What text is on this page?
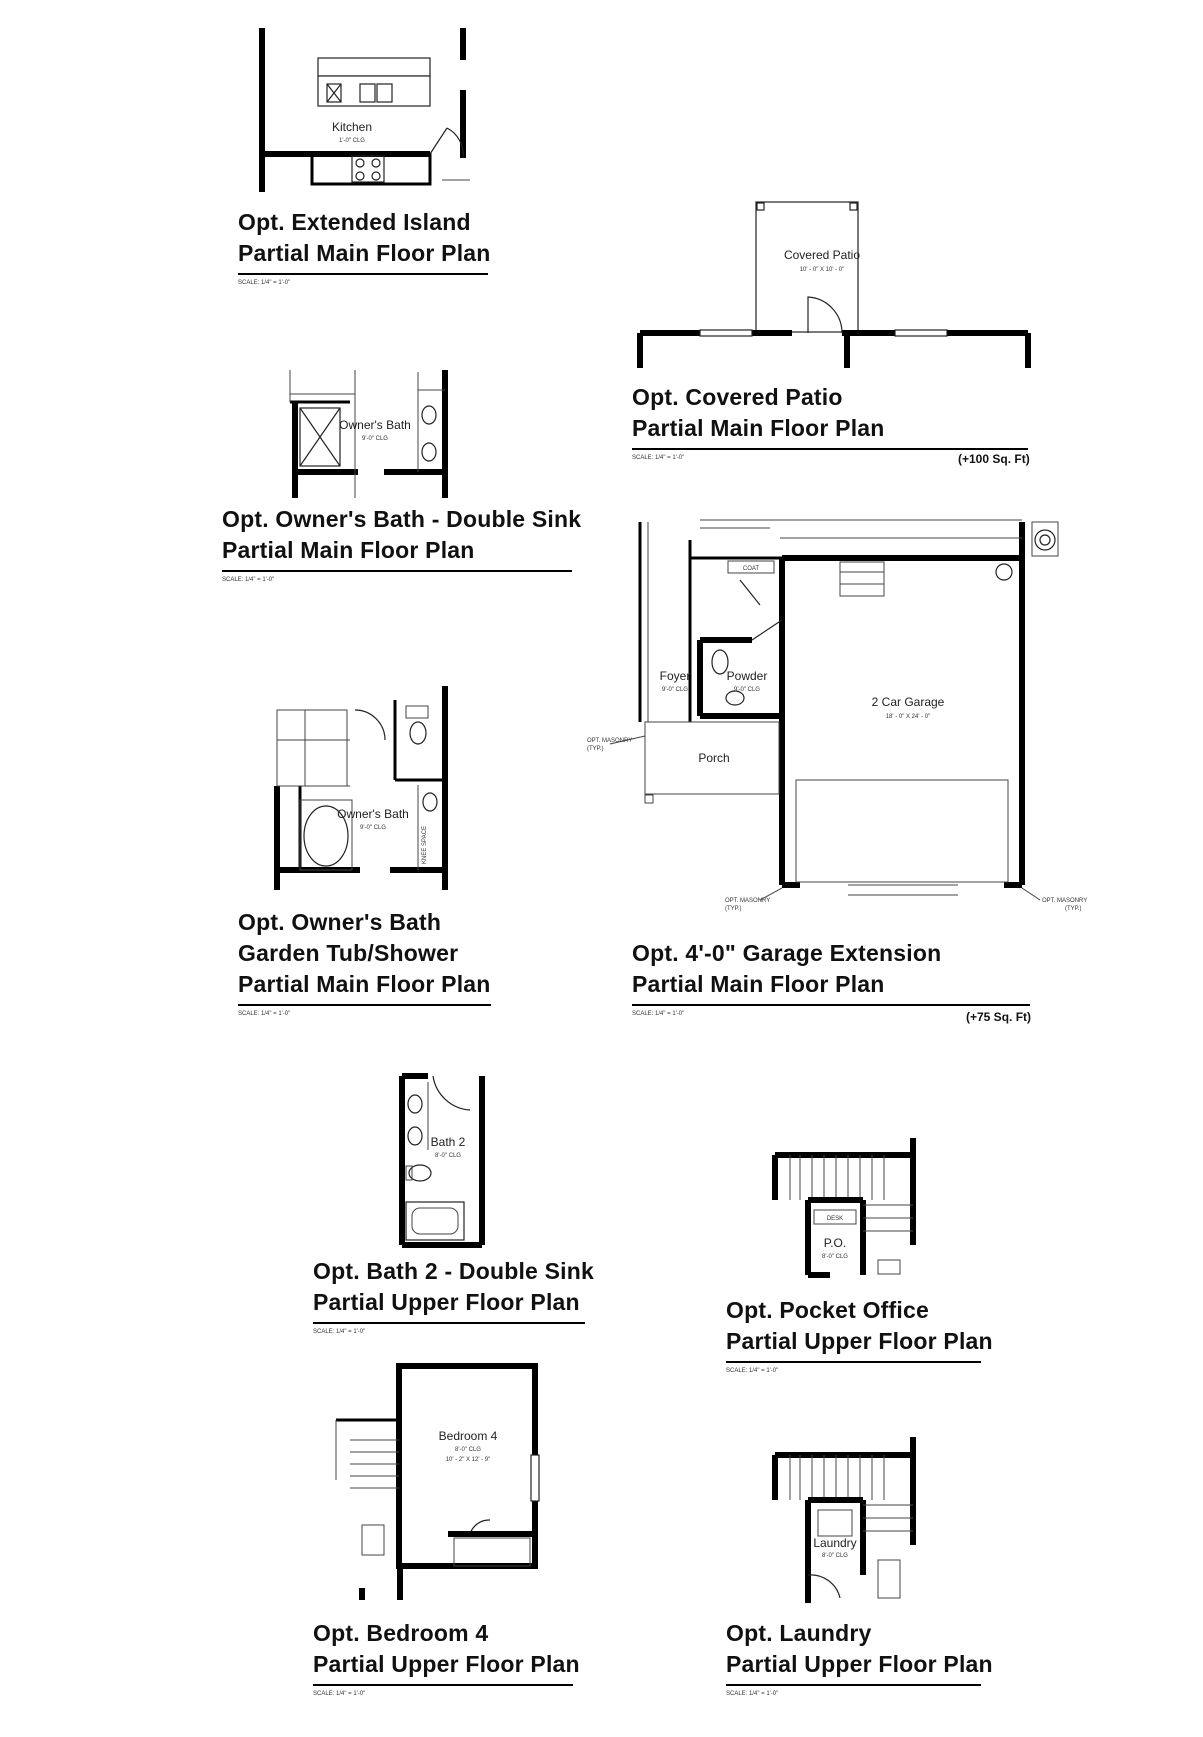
Kitchen
1'-0" CLG
Covered Patio
10' - 0" X 10' - 0"
Owner's Bath
9'-0" CLG
2 Car Garage
18' - 0" X 24' - 0"
Foyer
9'-0" CLG
Powder
9'-0" CLG
Porch
COAT
OPT. MASONRY
(TYP.)
OPT. MASONRY
(TYP.)
OPT. MASONRY
(TYP.)
Owner's Bath
9'-0" CLG	KNEE SPACE
Bath 2
8'-0" CLG
DESK
P.O.
8'-0" CLG
Bedroom 4
8'-0" CLG
10' - 2" X 12' - 9"
Laundry
8'-0" CLG
Opt. Extended Island
Partial Main Floor Plan
SCALE: 1/4" = 1'-0"
Opt. Covered Patio
Partial Main Floor Plan
SCALE: 1/4" = 1'-0"	(+100 Sq. Ft)
Opt. Owner's Bath - Double Sink
Partial Main Floor Plan
SCALE: 1/4" = 1'-0"
Opt. Owner's Bath
Garden Tub/Shower
Partial Main Floor Plan
SCALE: 1/4" = 1'-0"
Opt. 4'-0" Garage Extension
Partial Main Floor Plan
SCALE: 1/4" = 1'-0"	(+75 Sq. Ft)
Opt. Bath 2 - Double Sink
Partial Upper Floor Plan
SCALE: 1/4" = 1'-0"
Opt. Pocket Office
Partial Upper Floor Plan
SCALE: 1/4" = 1'-0"
Opt. Bedroom 4
Partial Upper Floor Plan
SCALE: 1/4" = 1'-0"
Opt. Laundry
Partial Upper Floor Plan
SCALE: 1/4" = 1'-0"
